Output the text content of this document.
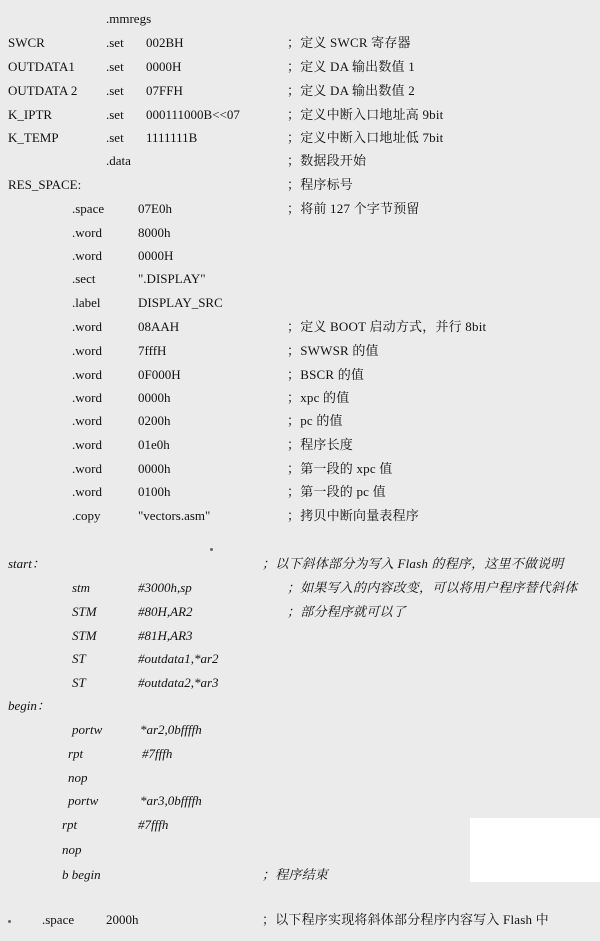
.mmregs
SWCR	.set 002BH	；定义 SWCR 寄存器
OUTDATA1 .set 0000H	；定义 DA 输出数值 1
OUTDATA 2 .set 07FFH	；定义 DA 输出数值 2
K_IPTR	.set 000111000B<<07	；定义中断入口地址高 9bit
K_TEMP	.set 1111111B	；定义中断入口地址低 7bit
.data	；数据段开始
RES_SPACE:	；程序标号
.space	07E0h	；将前 127 个字节预留
.word	8000h
.word	0000H
.sect	".DISPLAY"
.label	DISPLAY_SRC
.word	08AAH	；定义 BOOT 启动方式，并行 8bit
.word	7fffH	；SWWSR 的值
.word	0F000H	；BSCR 的值
.word	0000h	；xpc 的值
.word	0200h	；pc 的值
.word	01e0h	；程序长度
.word	0000h	；第一段的 xpc 值
.word	0100h	；第一段的 pc 值
.copy	"vectors.asm"	；拷贝中断向量表程序
start：	；以下斜体部分为写入 Flash 的程序，这里不做说明
stm	#3000h,sp	；如果写入的内容改变，可以将用户程序替代斜体
STM	#80H,AR2	；部分程序就可以了
STM	#81H,AR3
ST	#outdata1,*ar2
ST	#outdata2,*ar3
begin：
portw	*ar2,0bffffh
rpt	#7fffh
nop
portw	*ar3,0bffffh
rpt	#7fffh
nop
b begin	；程序结束
.space 2000h	；以下程序实现将斜体部分程序内容写入 Flash 中
